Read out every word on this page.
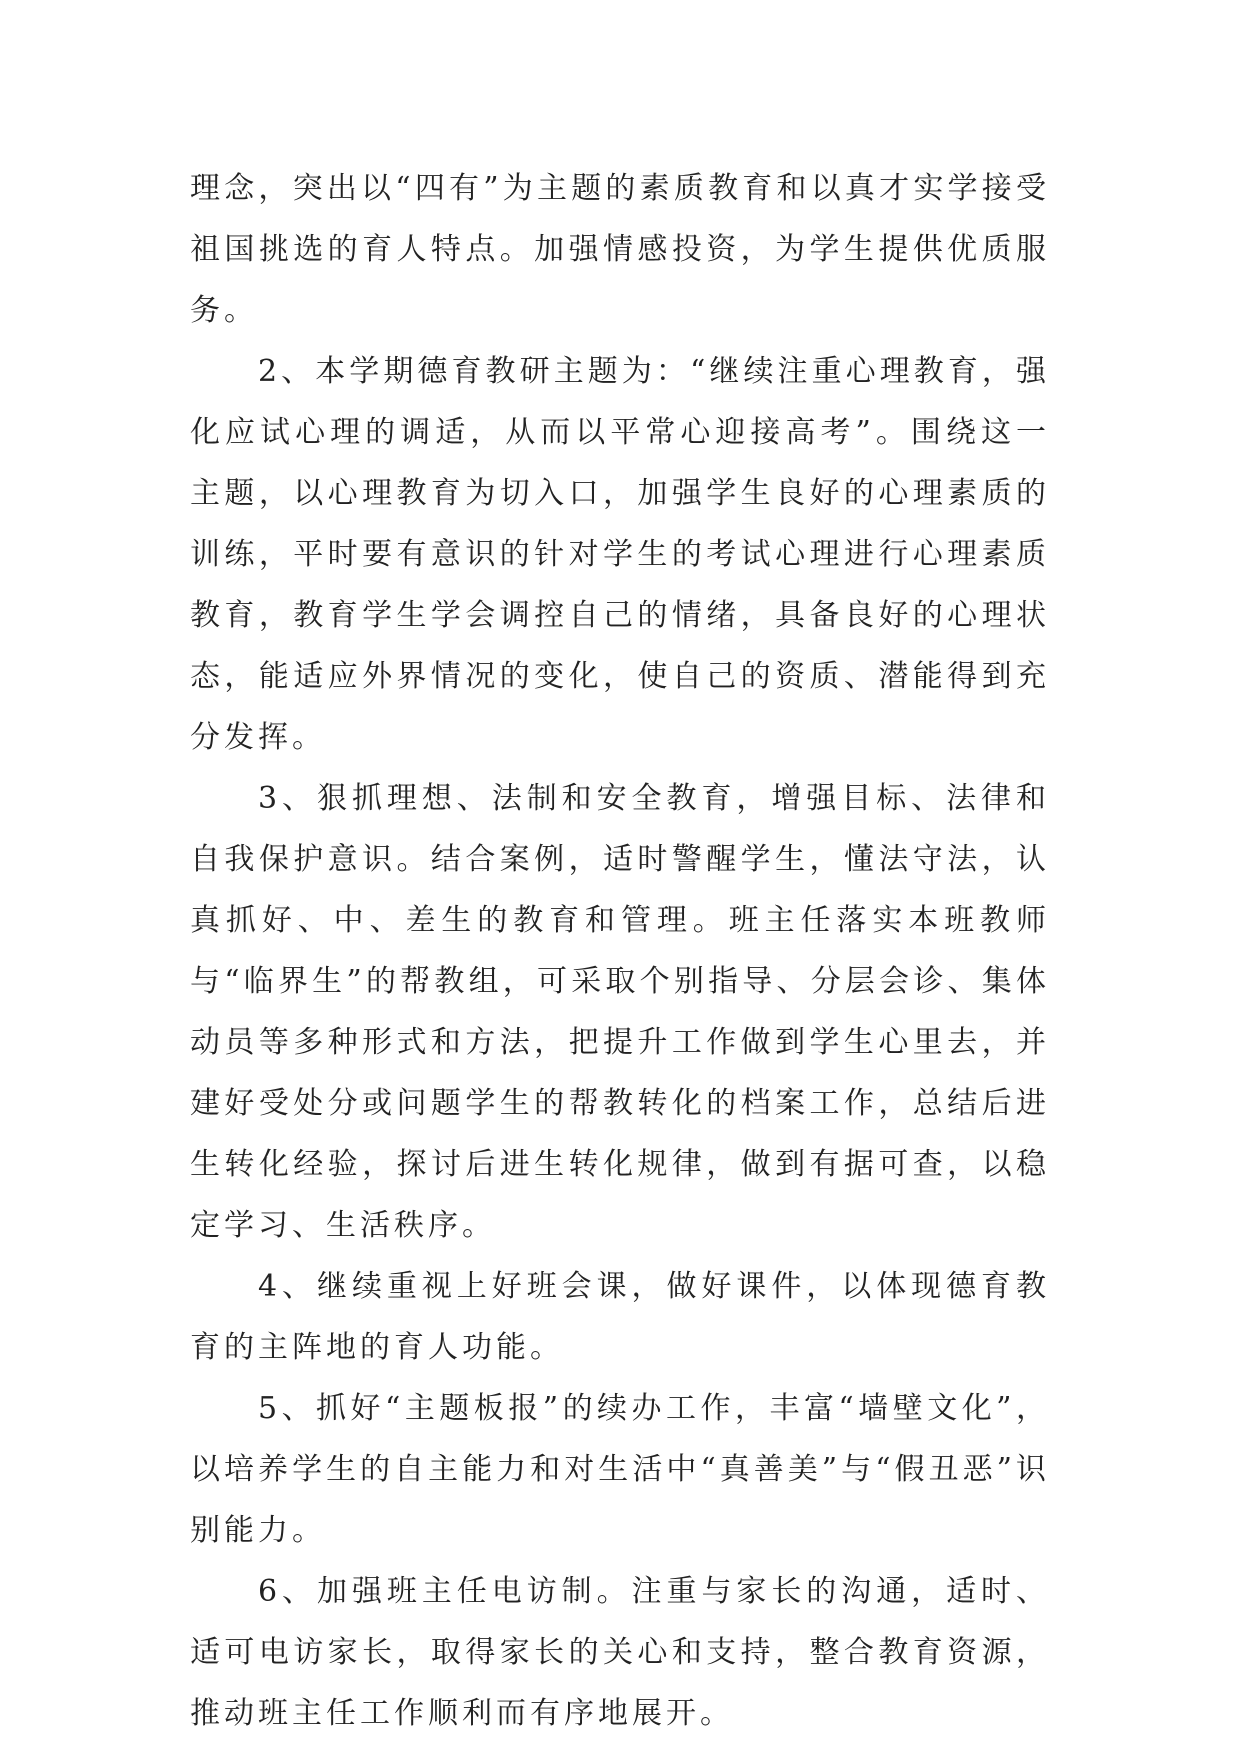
理念，突出以“四有”为主题的素质教育和以真才实学接受祖国挑选的育人特点。加强情感投资，为学生提供优质服务。

2、本学期德育教研主题为：“继续注重心理教育，强化应试心理的调适，从而以平常心迎接高考”。围绕这一主题，以心理教育为切入口，加强学生良好的心理素质的训练，平时要有意识的针对学生的考试心理进行心理素质教育，教育学生学会调控自己的情绪，具备良好的心理状态，能适应外界情况的变化，使自己的资质、潜能得到充分发挥。

3、狠抓理想、法制和安全教育，增强目标、法律和自我保护意识。结合案例，适时警醒学生，懂法守法，认真抓好、中、差生的教育和管理。班主任落实本班教师与“临界生”的帮教组，可采取个别指导、分层会诊、集体动员等多种形式和方法，把提升工作做到学生心里去，并建好受处分或问题学生的帮教转化的档案工作，总结后进生转化经验，探讨后进生转化规律，做到有据可查，以稳定学习、生活秩序。

4、继续重视上好班会课，做好课件，以体现德育教育的主阵地的育人功能。

5、抓好“主题板报”的续办工作，丰富“墙壁文化”，以培养学生的自主能力和对生活中“真善美”与“假丑恶”识别能力。

6、加强班主任电访制。注重与家长的沟通，适时、适可电访家长，取得家长的关心和支持，整合教育资源，推动班主任工作顺利而有序地展开。
